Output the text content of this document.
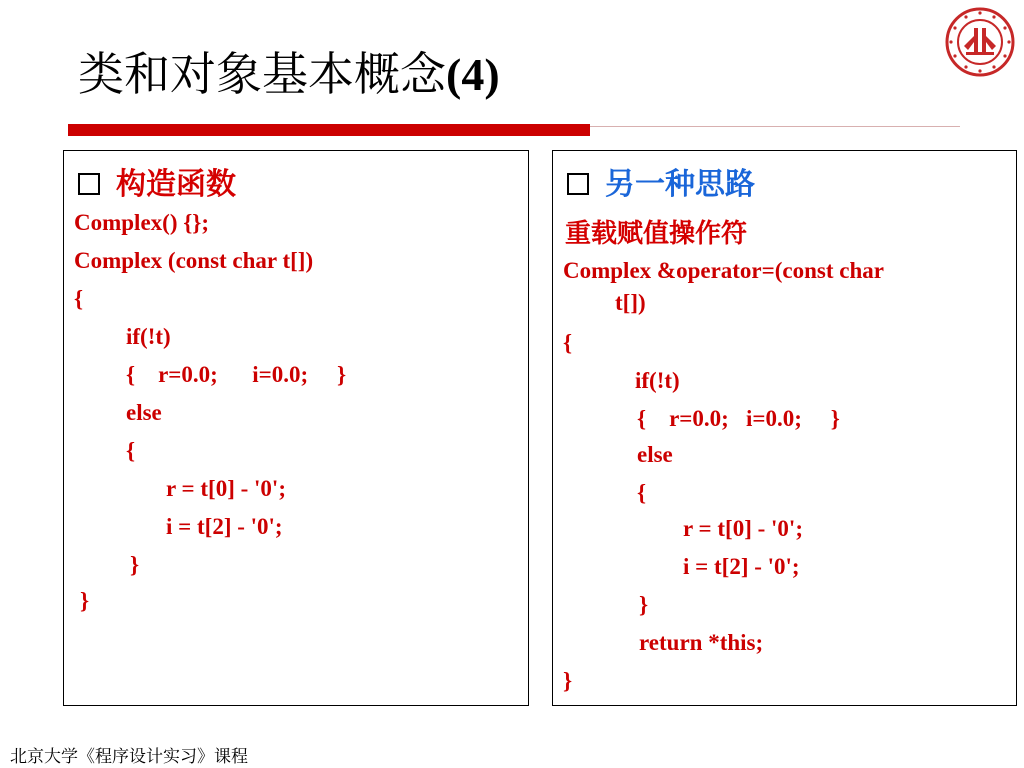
类和对象基本概念(4)
构造函数
Complex() {};
Complex (const char t[])
{
if(!t)
{    r=0.0;      i=0.0;     }
else
{
r = t[0] - '0';
i = t[2] - '0';
}
}
另一种思路
重载赋值操作符
Complex &operator=(const char
t[])
{
if(!t)
{    r=0.0;   i=0.0;     }
else
{
r = t[0] - '0';
i = t[2] - '0';
}
return *this;
}
北京大学《程序设计实习》课程
